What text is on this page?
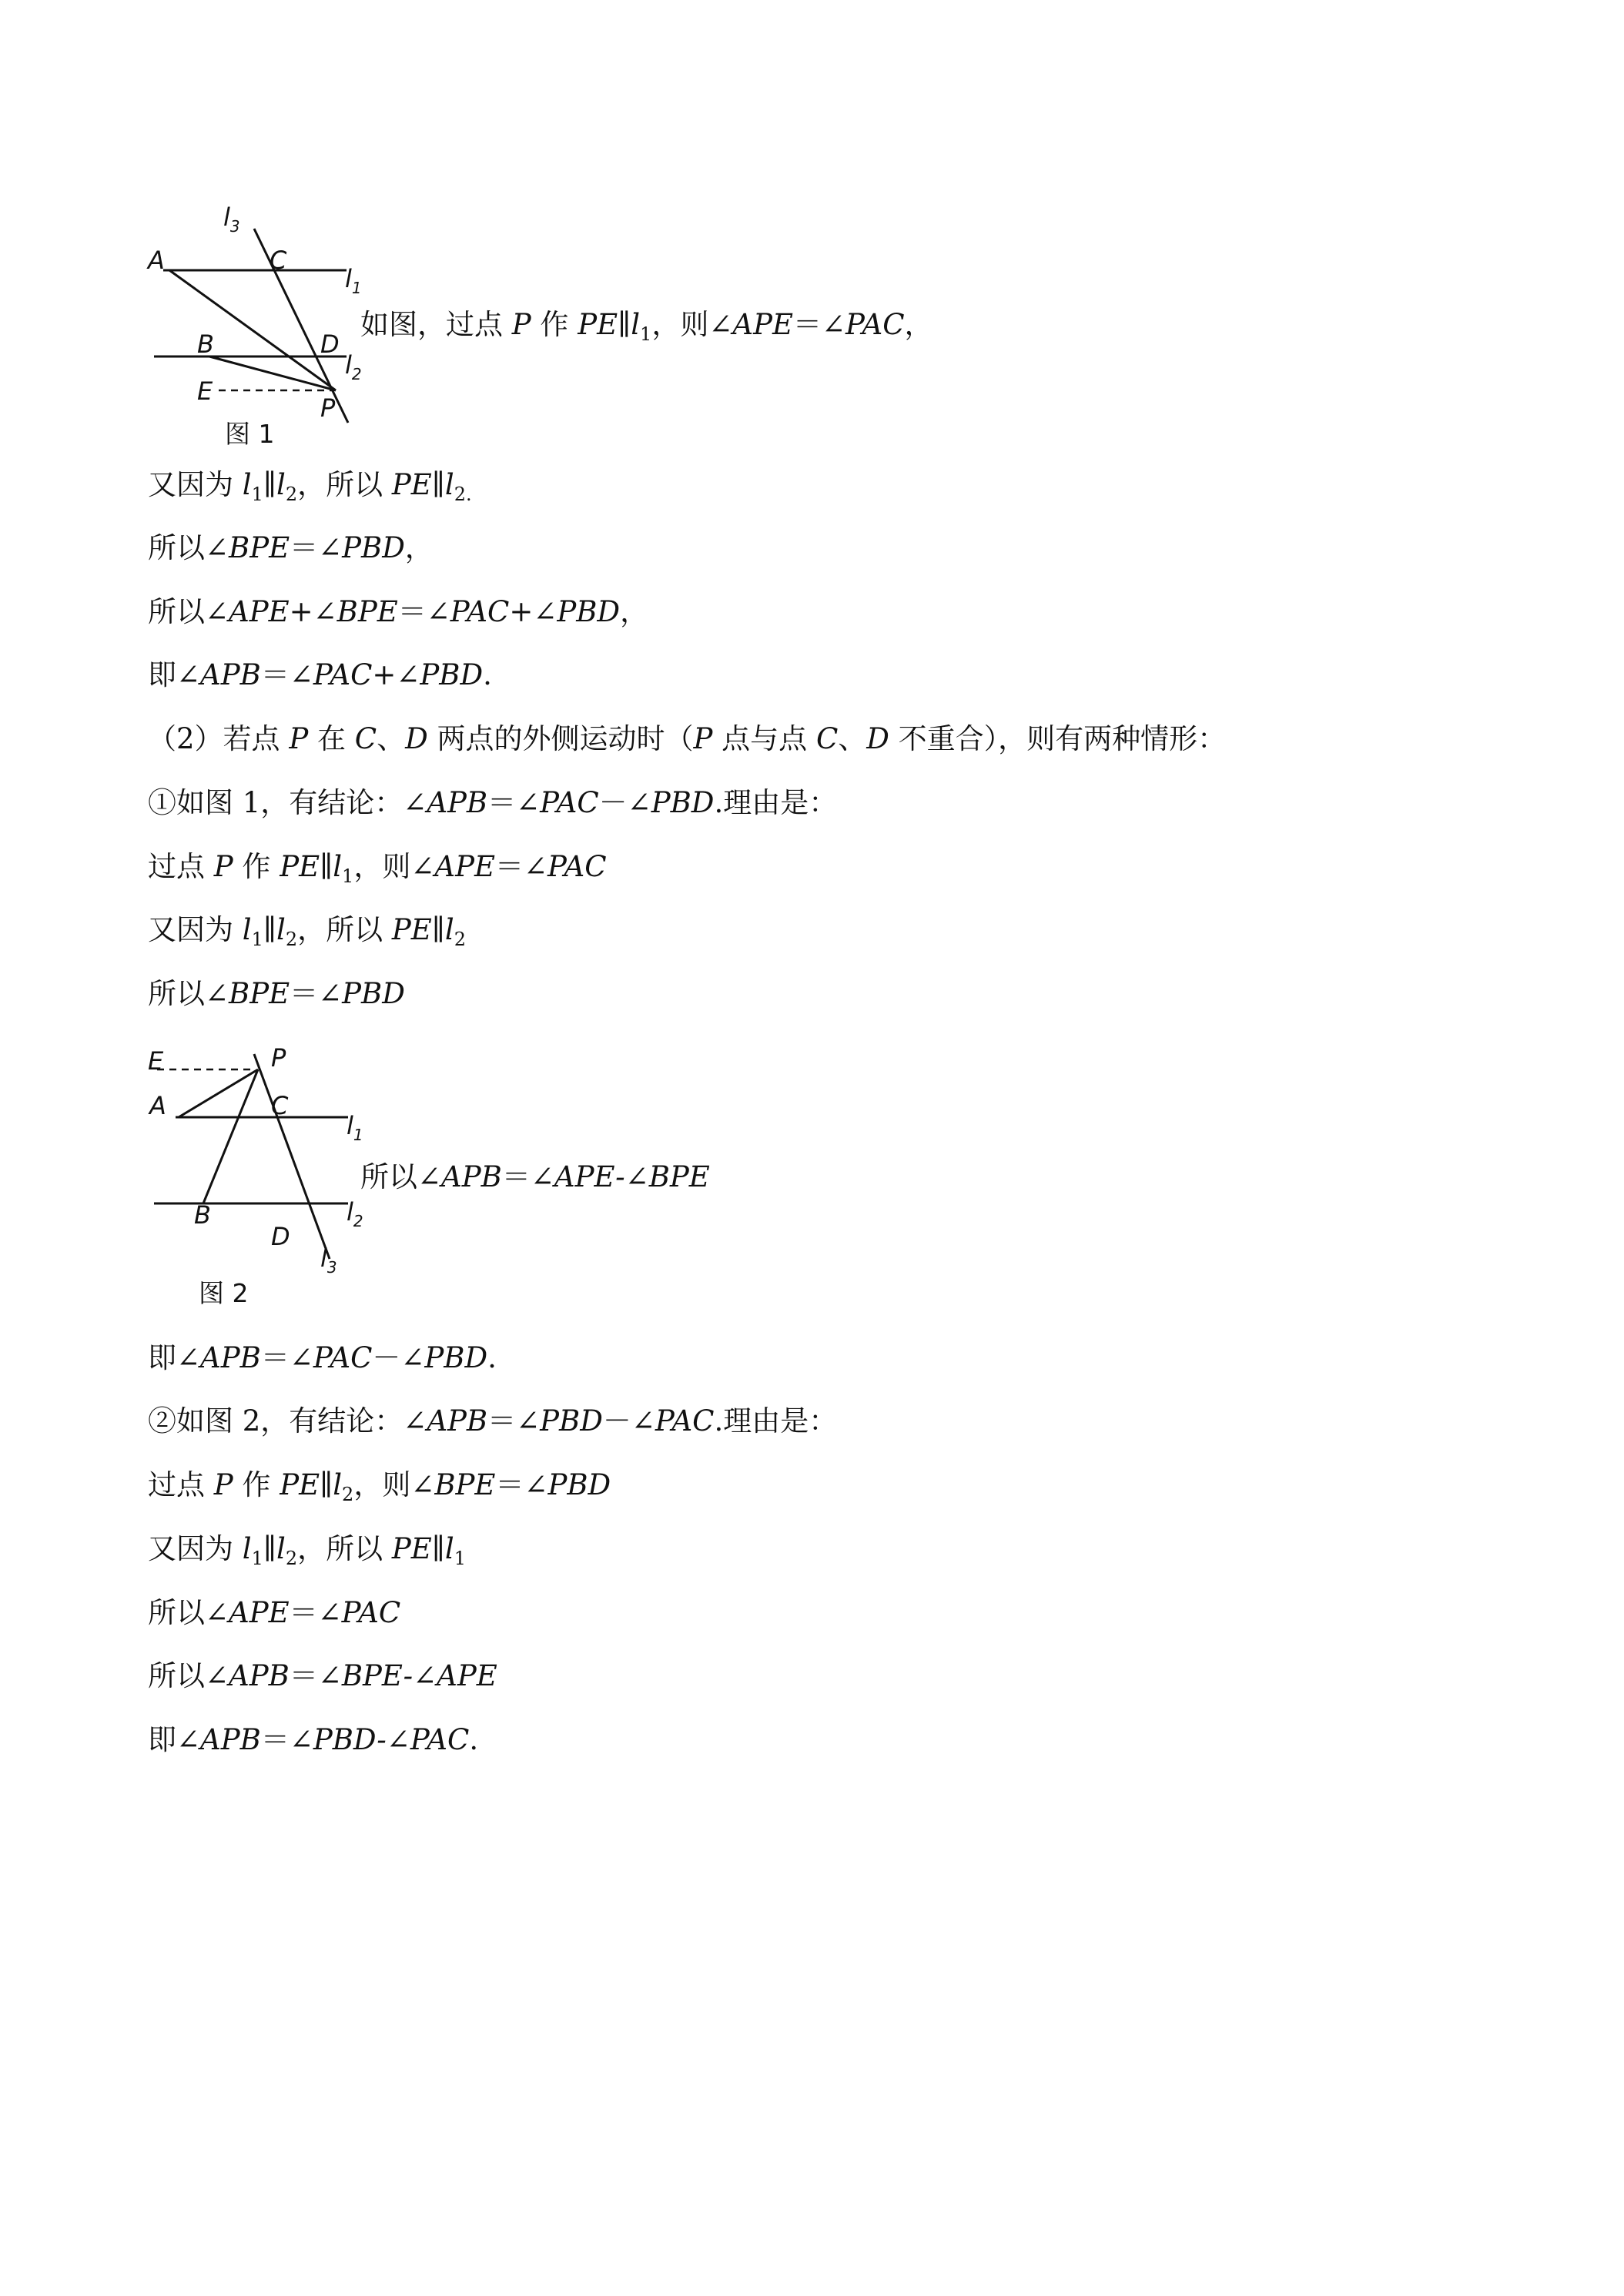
$l_3$
A	C
$l_1$
B	D
$l_2$
E
P
图 1
E	P
A	C
$l_1$
B	$l_2$
D
$l_3$
图 2
如图，过点 P 作 $PE\parallel l_1$，则∠APE＝∠PAC，
又因为 $l_1\parallel l_2$，所以 $PE\parallel l_{2.}$
所以∠BPE＝∠PBD，
所以∠APE+∠BPE＝∠PAC+∠PBD，
即∠APB＝∠PAC+∠PBD.
（2）若点 P 在 C、D 两点的外侧运动时（P 点与点 C、D 不重合），则有两种情形：
①如图 1，有结论：∠APB＝∠PAC－∠PBD.理由是：
过点 P 作 $PE\parallel l_1$，则∠APE＝∠PAC
又因为 $l_1\parallel l_2$，所以 $PE\parallel l_2$
所以∠BPE＝∠PBD
所以∠APB＝∠APE-∠BPE
即∠APB＝∠PAC－∠PBD.
②如图 2，有结论：∠APB＝∠PBD－∠PAC.理由是：
过点 P 作 $PE\parallel l_2$，则∠BPE＝∠PBD
又因为 $l_1\parallel l_2$，所以 $PE\parallel l_1$
所以∠APE＝∠PAC
所以∠APB＝∠BPE-∠APE
即∠APB＝∠PBD-∠PAC.
